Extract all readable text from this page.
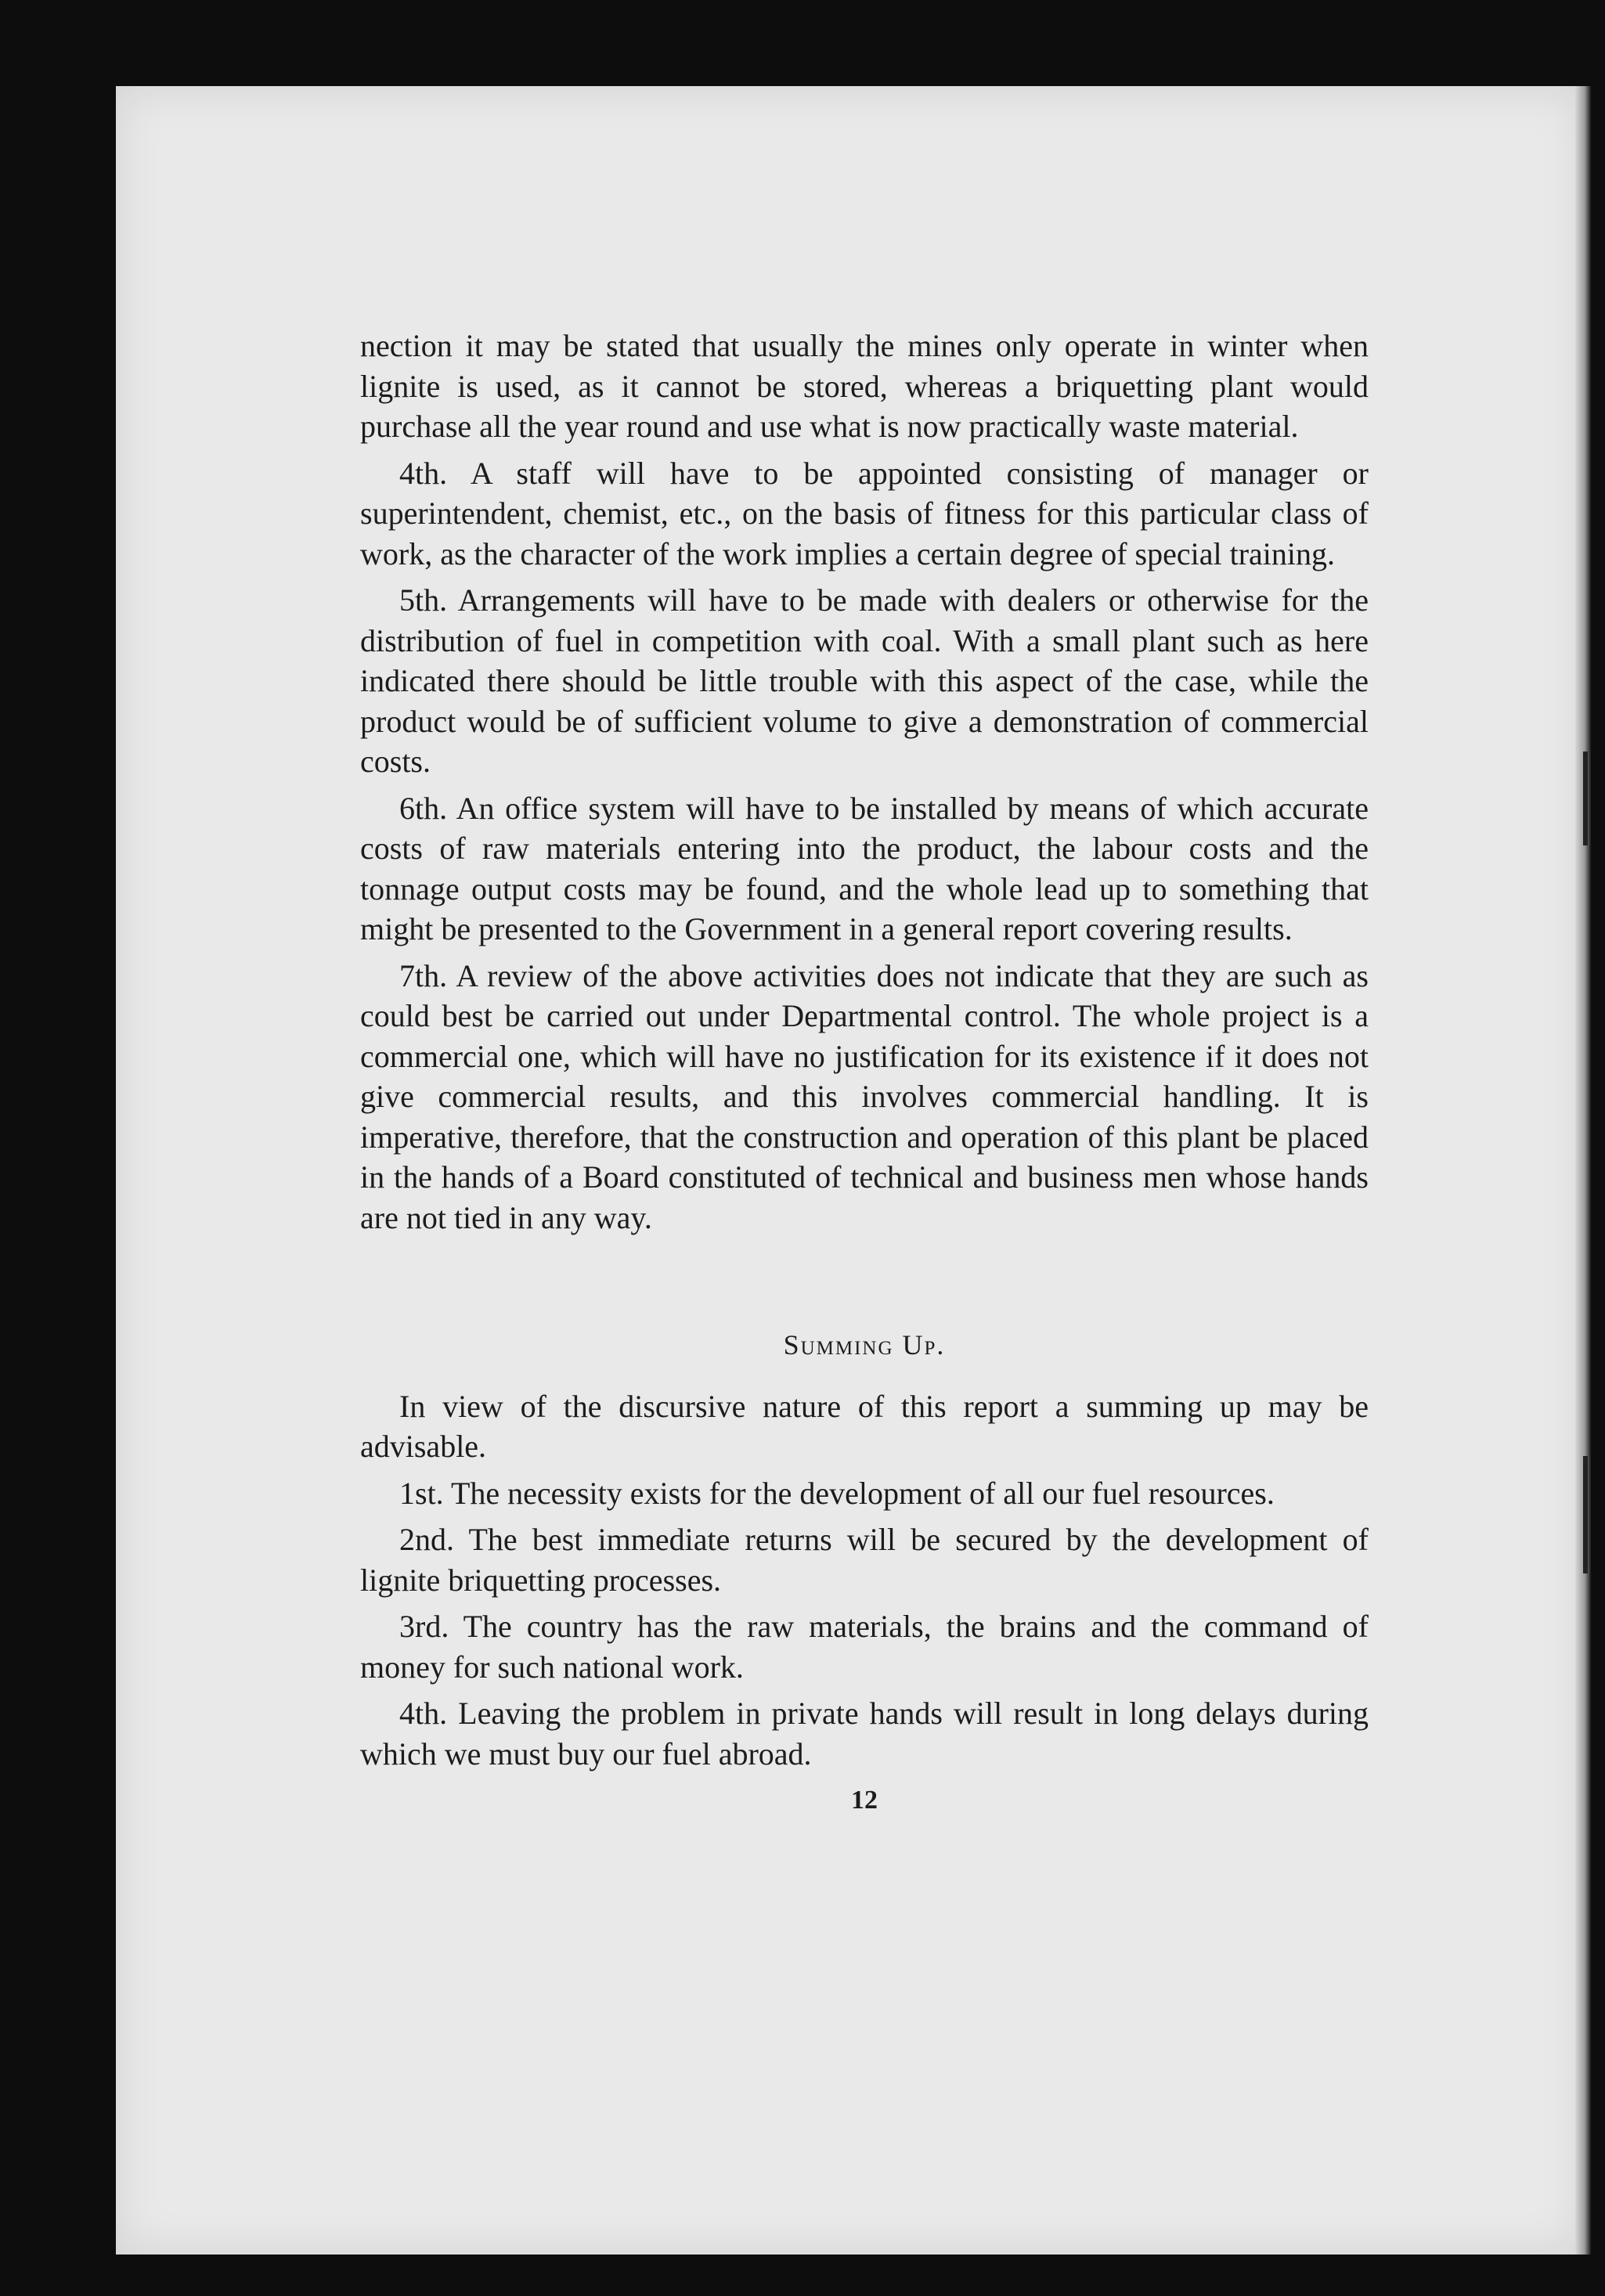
nection it may be stated that usually the mines only operate in winter when lignite is used, as it cannot be stored, whereas a briquetting plant would purchase all the year round and use what is now practically waste material.

4th. A staff will have to be appointed consisting of manager or superintendent, chemist, etc., on the basis of fitness for this particular class of work, as the character of the work implies a certain degree of special training.

5th. Arrangements will have to be made with dealers or otherwise for the distribution of fuel in competition with coal. With a small plant such as here indicated there should be little trouble with this aspect of the case, while the product would be of sufficient volume to give a demonstration of commercial costs.

6th. An office system will have to be installed by means of which accurate costs of raw materials entering into the product, the labour costs and the tonnage output costs may be found, and the whole lead up to something that might be presented to the Government in a general report covering results.

7th. A review of the above activities does not indicate that they are such as could best be carried out under Departmental control. The whole project is a commercial one, which will have no justification for its existence if it does not give commercial results, and this involves commercial handling. It is imperative, therefore, that the construction and operation of this plant be placed in the hands of a Board constituted of technical and business men whose hands are not tied in any way.

Summing Up.

In view of the discursive nature of this report a summing up may be advisable.

1st. The necessity exists for the development of all our fuel resources.

2nd. The best immediate returns will be secured by the development of lignite briquetting processes.

3rd. The country has the raw materials, the brains and the command of money for such national work.

4th. Leaving the problem in private hands will result in long delays during which we must buy our fuel abroad.

12
